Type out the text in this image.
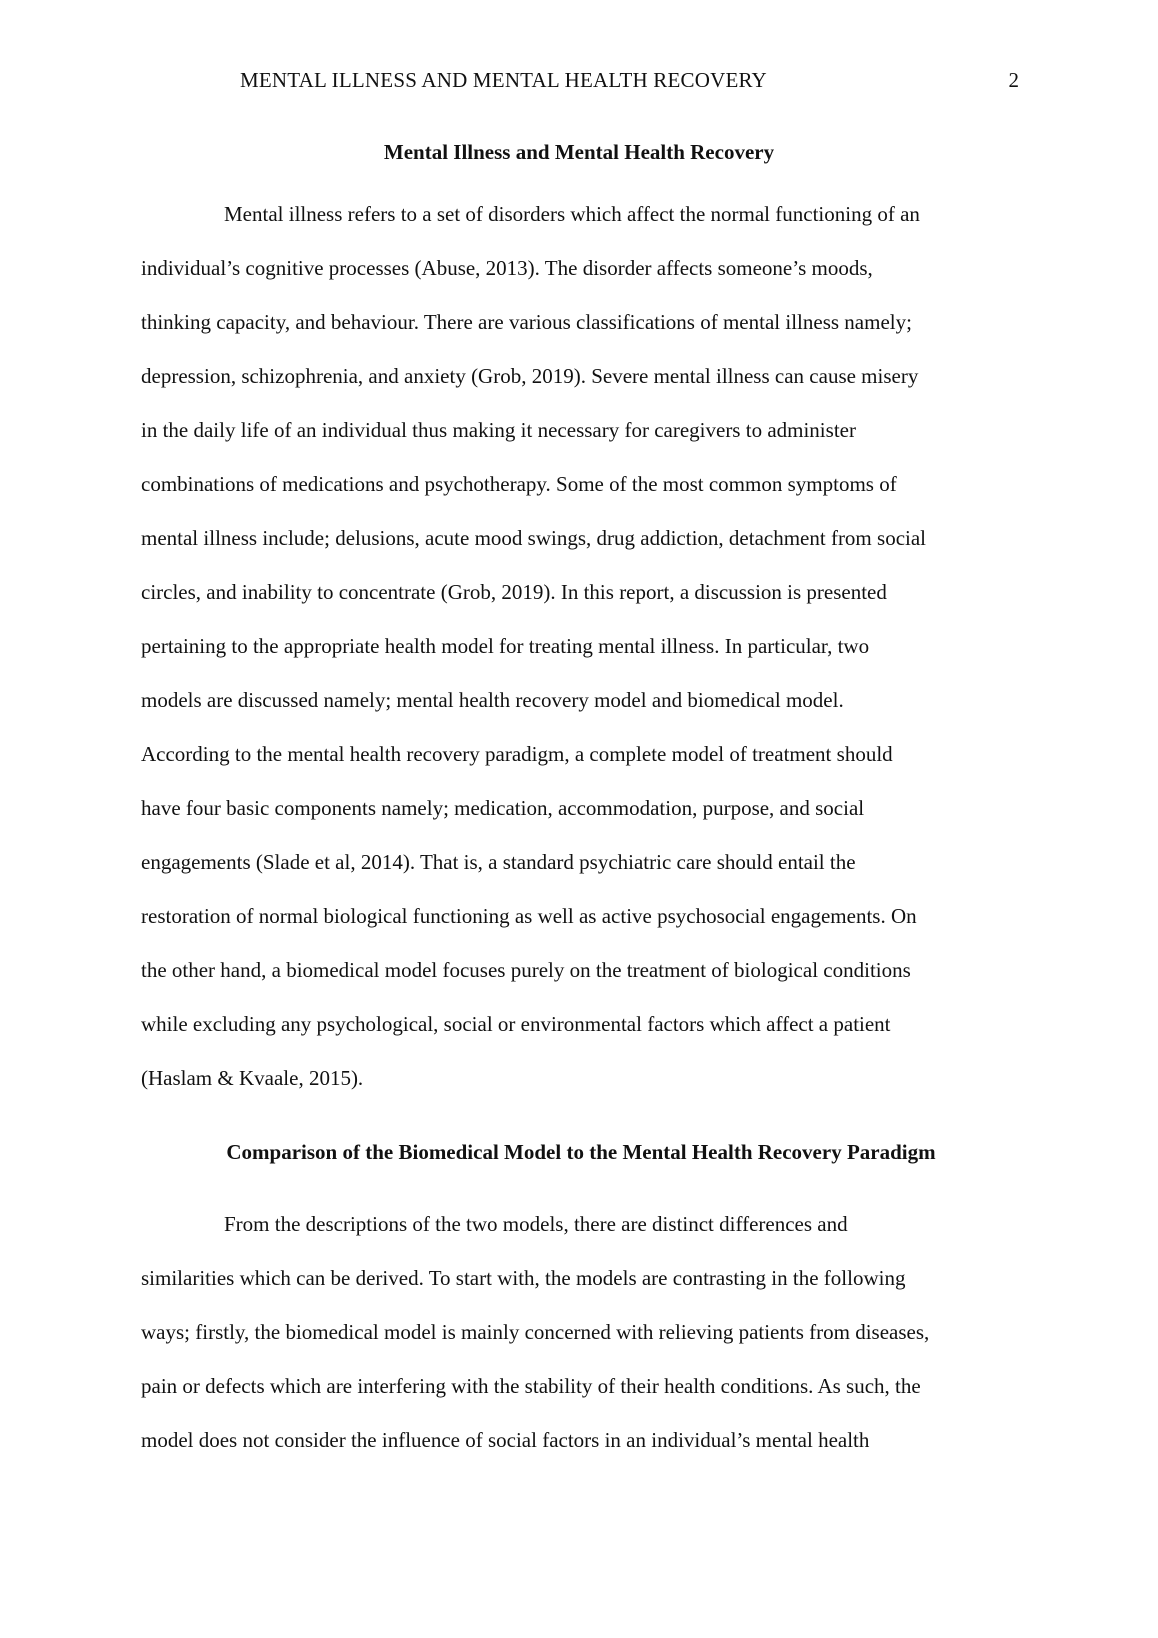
MENTAL ILLNESS AND MENTAL HEALTH RECOVERY	2
Mental Illness and Mental Health Recovery
Mental illness refers to a set of disorders which affect the normal functioning of an
individual’s cognitive processes (Abuse, 2013). The disorder affects someone’s moods,
thinking capacity, and behaviour. There are various classifications of mental illness namely;
depression, schizophrenia, and anxiety (Grob, 2019). Severe mental illness can cause misery
in the daily life of an individual thus making it necessary for caregivers to administer
combinations of medications and psychotherapy. Some of the most common symptoms of
mental illness include; delusions, acute mood swings, drug addiction, detachment from social
circles, and inability to concentrate (Grob, 2019). In this report, a discussion is presented
pertaining to the appropriate health model for treating mental illness. In particular, two
models are discussed namely; mental health recovery model and biomedical model.
According to the mental health recovery paradigm, a complete model of treatment should
have four basic components namely; medication, accommodation, purpose, and social
engagements (Slade et al, 2014). That is, a standard psychiatric care should entail the
restoration of normal biological functioning as well as active psychosocial engagements. On
the other hand, a biomedical model focuses purely on the treatment of biological conditions
while excluding any psychological, social or environmental factors which affect a patient
(Haslam & Kvaale, 2015).
Comparison of the Biomedical Model to the Mental Health Recovery Paradigm
From the descriptions of the two models, there are distinct differences and
similarities which can be derived. To start with, the models are contrasting in the following
ways; firstly, the biomedical model is mainly concerned with relieving patients from diseases,
pain or defects which are interfering with the stability of their health conditions. As such, the
model does not consider the influence of social factors in an individual’s mental health
